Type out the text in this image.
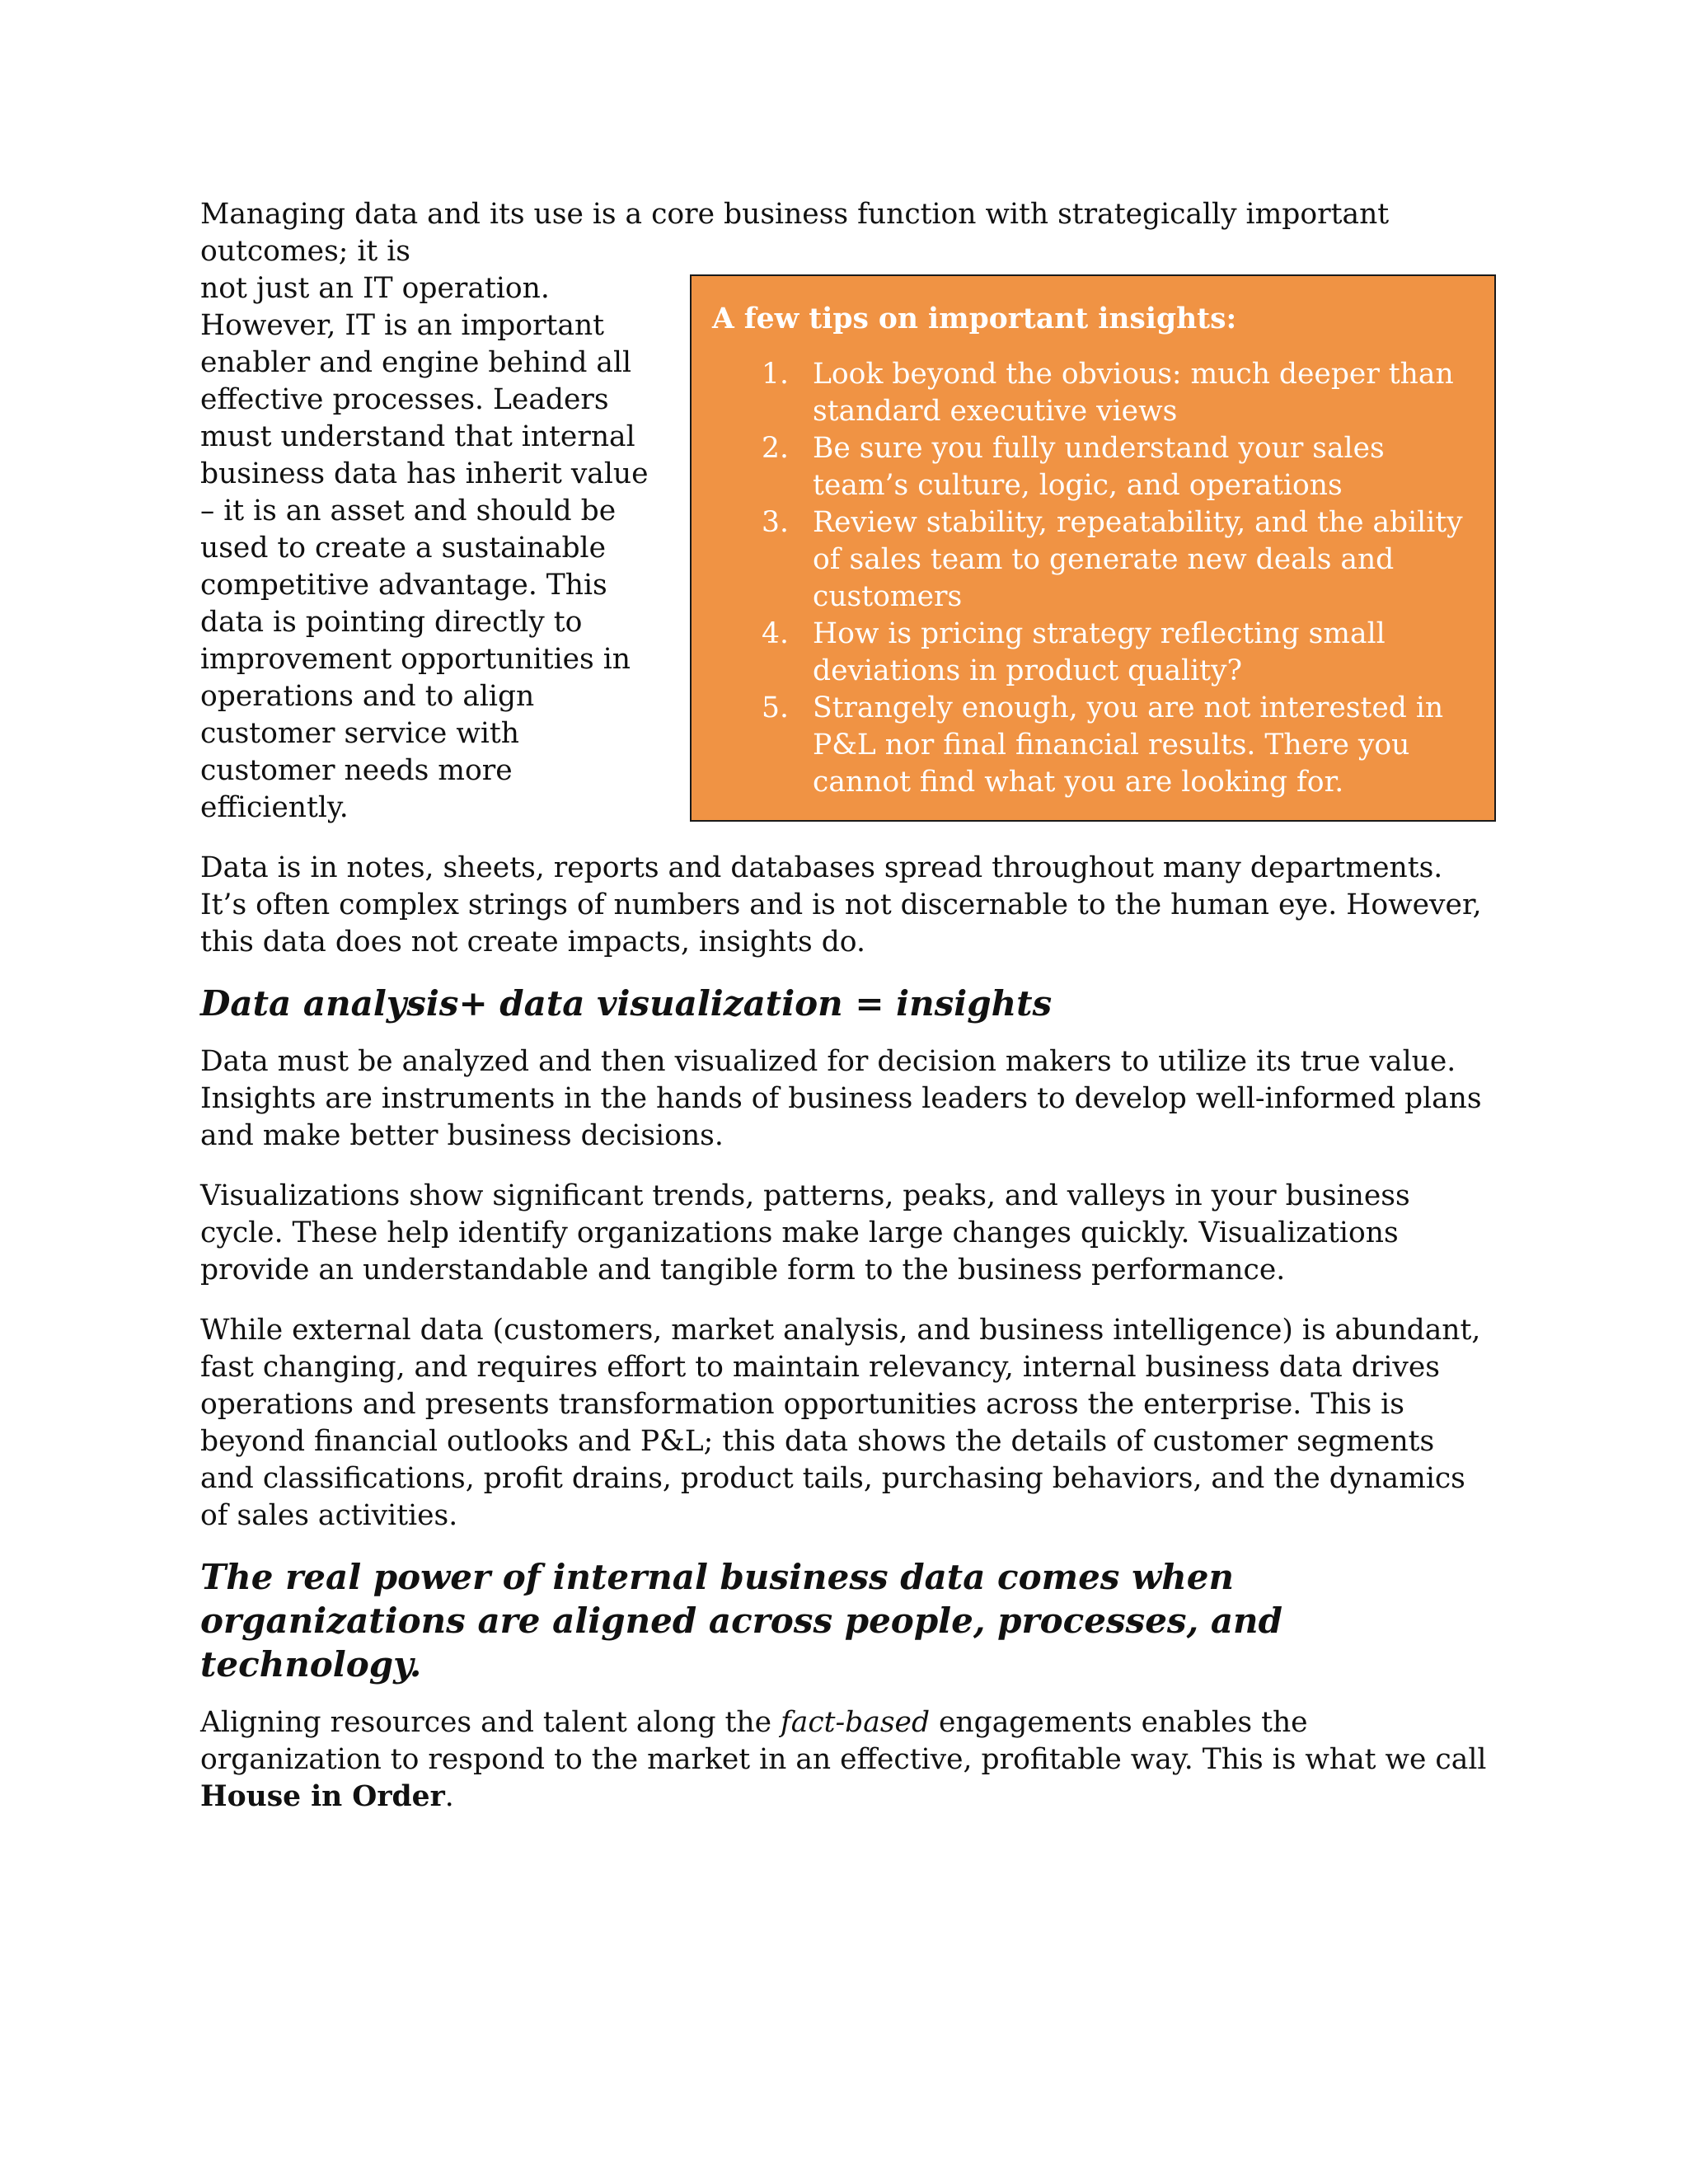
Managing data and its use is a core business function with strategically important outcomes; it is

A few tips on important insights:
1. Look beyond the obvious: much deeper than standard executive views
2. Be sure you fully understand your sales team’s culture, logic, and operations
3. Review stability, repeatability, and the ability of sales team to generate new deals and customers
4. How is pricing strategy reflecting small deviations in product quality?
5. Strangely enough, you are not interested in P&L nor final financial results. There you cannot find what you are looking for.

not just an IT operation. However, IT is an important enabler and engine behind all effective processes. Leaders must understand that internal business data has inherit value – it is an asset and should be used to create a sustainable competitive advantage. This data is pointing directly to improvement opportunities in operations and to align customer service with customer needs more efficiently.

Data is in notes, sheets, reports and databases spread throughout many departments. It’s often complex strings of numbers and is not discernable to the human eye. However, this data does not create impacts, insights do.

Data analysis+ data visualization = insights

Data must be analyzed and then visualized for decision makers to utilize its true value. Insights are instruments in the hands of business leaders to develop well-informed plans and make better business decisions.

Visualizations show significant trends, patterns, peaks, and valleys in your business cycle. These help identify organizations make large changes quickly. Visualizations provide an understandable and tangible form to the business performance.

While external data (customers, market analysis, and business intelligence) is abundant, fast changing, and requires effort to maintain relevancy, internal business data drives operations and presents transformation opportunities across the enterprise. This is beyond financial outlooks and P&L; this data shows the details of customer segments and classifications, profit drains, product tails, purchasing behaviors, and the dynamics of sales activities.

The real power of internal business data comes when organizations are aligned across people, processes, and technology.

Aligning resources and talent along the fact-based engagements enables the organization to respond to the market in an effective, profitable way. This is what we call House in Order.
